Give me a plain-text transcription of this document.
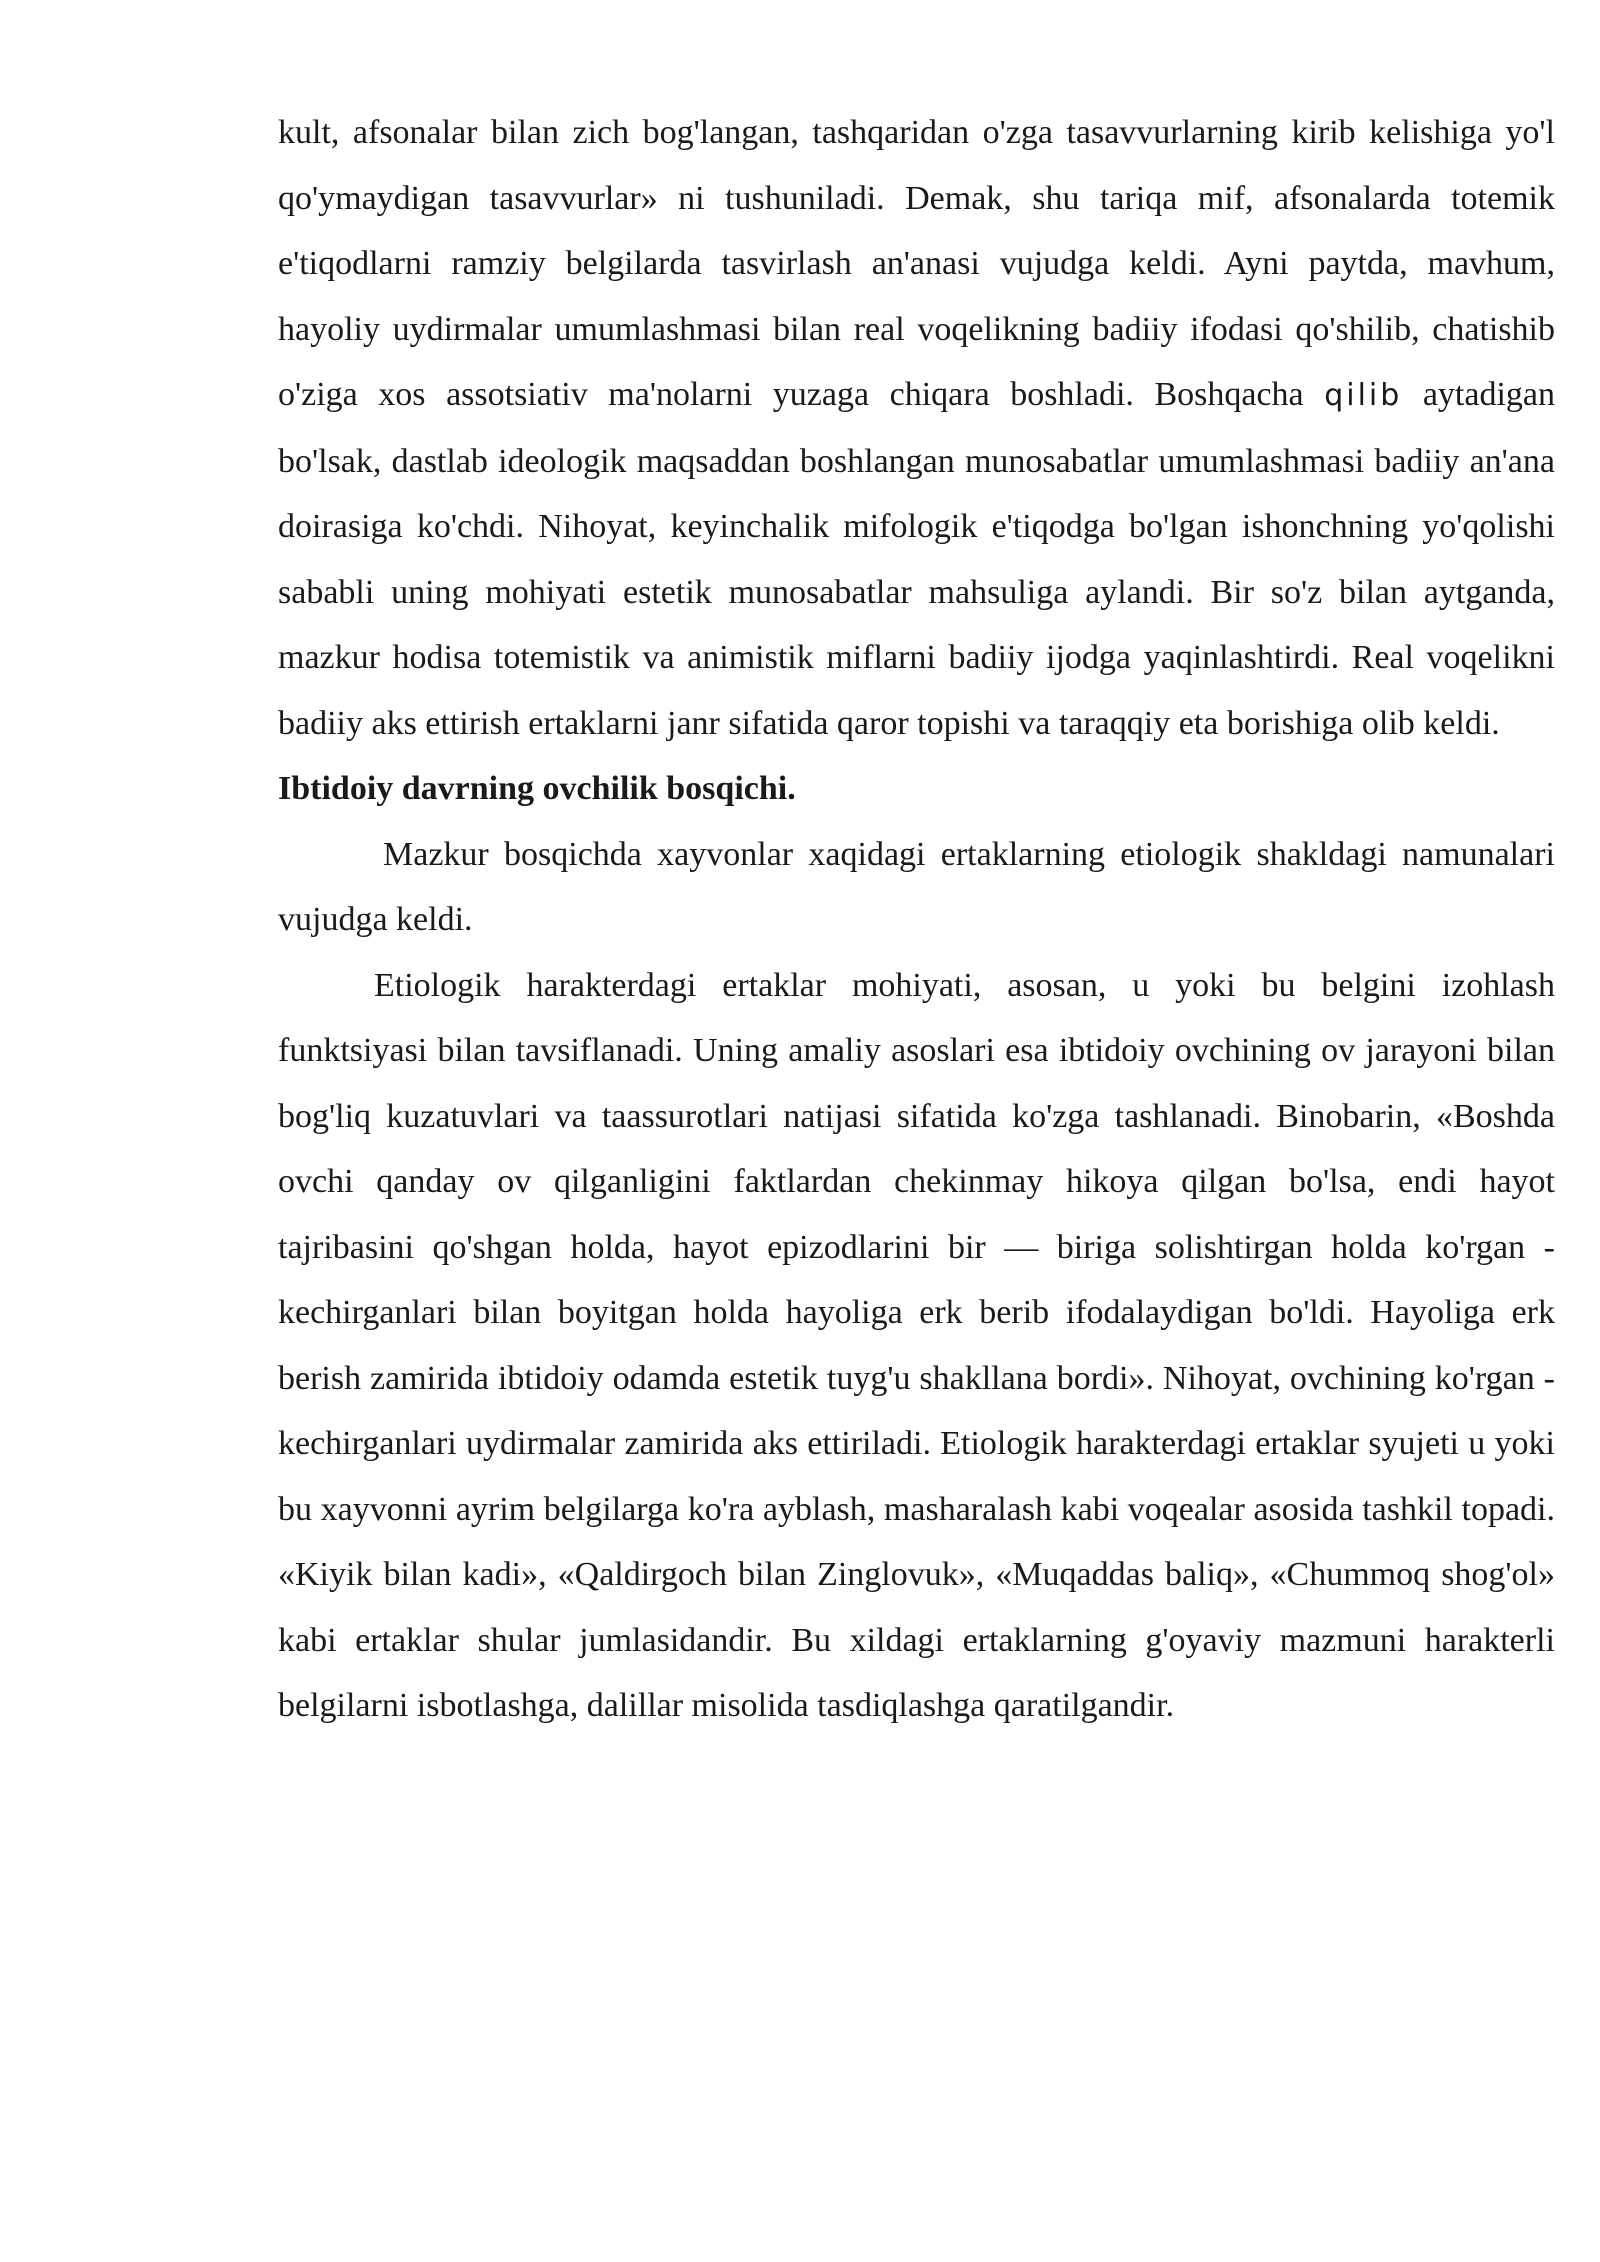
kult, afsonalar bilan zich bog'langan, tashqaridan o'zga tasavvurlarning kirib kelishiga yo'l qo'ymaydigan tasavvurlar» ni tushuniladi. Demak, shu tariqa mif, afsonalarda totemik e'tiqodlarni ramziy belgilarda tasvirlash an'anasi vujudga keldi. Ayni paytda, mavhum, hayoliy uydirmalar umumlashmasi bilan real voqelikning badiiy ifodasi qo'shilib, chatishib o'ziga xos assotsiativ ma'nolarni yuzaga chiqara boshladi. Boshqacha qilib aytadigan bo'lsak, dastlab ideologik maqsaddan boshlangan munosabatlar umumlashmasi badiiy an'ana doirasiga ko'chdi. Nihoyat, keyinchalik mifologik e'tiqodga bo'lgan ishonchning yo'qolishi sababli uning mohiyati estetik munosabatlar mahsuliga aylandi. Bir so'z bilan aytganda, mazkur hodisa totemistik va animistik miflarni badiiy ijodga yaqinlashtirdi. Real voqelikni badiiy aks ettirish ertaklarni janr sifatida qaror topishi va taraqqiy eta borishiga olib keldi.

Ibtidoiy davrning ovchilik bosqichi.

Mazkur bosqichda xayvonlar xaqidagi ertaklarning etiologik shakldagi namunalari vujudga keldi.

Etiologik harakterdagi ertaklar mohiyati, asosan, u yoki bu belgini izohlash funktsiyasi bilan tavsiflanadi. Uning amaliy asoslari esa ibtidoiy ovchining ov jarayoni bilan bog'liq kuzatuvlari va taassurotlari natijasi sifatida ko'zga tashlanadi. Binobarin, «Boshda ovchi qanday ov qilganligini faktlardan chekinmay hikoya qilgan bo'lsa, endi hayot tajribasini qo'shgan holda, hayot epizodlarini bir — biriga solishtirgan holda ko'rgan - kechirganlari bilan boyitgan holda hayoliga erk berib ifodalaydigan bo'ldi. Hayoliga erk berish zamirida ibtidoiy odamda estetik tuyg'u shakllana bordi». Nihoyat, ovchining ko'rgan - kechirganlari uydirmalar zamirida aks ettiriladi. Etiologik harakterdagi ertaklar syujeti u yoki bu xayvonni ayrim belgilarga ko'ra ayblash, masharalash kabi voqealar asosida tashkil topadi. «Kiyik bilan kadi», «Qaldirgoch bilan Zinglovuk», «Muqaddas baliq», «Chummoq shog'ol» kabi ertaklar shular jumlasidandir. Bu xildagi ertaklarning g'oyaviy mazmuni harakterli belgilarni isbotlashga, dalillar misolida tasdiqlashga qaratilgandir.
